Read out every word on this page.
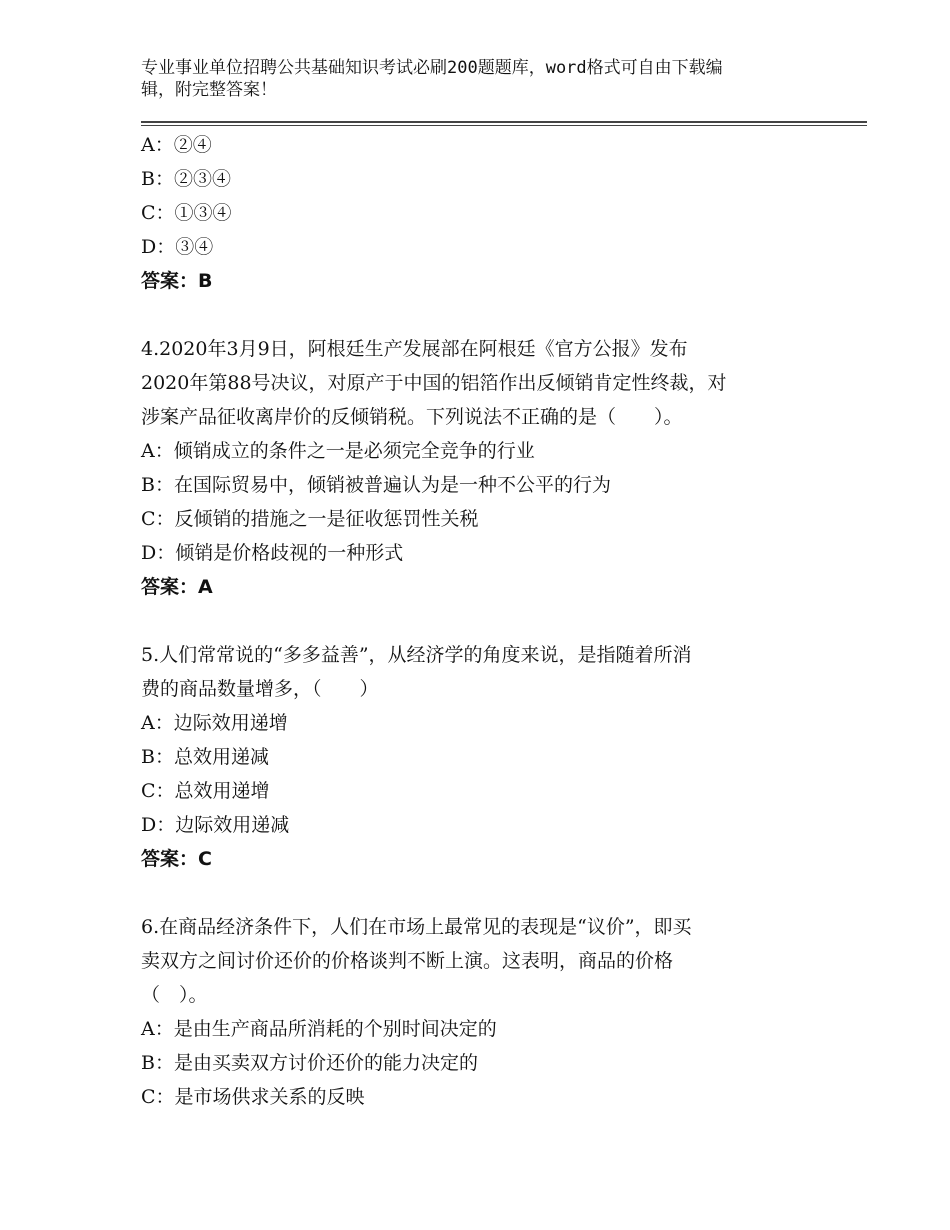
专业事业单位招聘公共基础知识考试必刷200题题库，word格式可自由下载编
辑，附完整答案！
A：②④
B：②③④
C：①③④
D：③④
答案：B
4.2020年3月9日，阿根廷生产发展部在阿根廷《官方公报》发布
2020年第88号决议，对原产于中国的铝箔作出反倾销肯定性终裁，对
涉案产品征收离岸价的反倾销税。下列说法不正确的是（　　）。
A：倾销成立的条件之一是必须完全竞争的行业
B：在国际贸易中，倾销被普遍认为是一种不公平的行为
C：反倾销的措施之一是征收惩罚性关税
D：倾销是价格歧视的一种形式
答案：A
5.人们常常说的“多多益善”，从经济学的角度来说，是指随着所消
费的商品数量增多，（　　）
A：边际效用递增
B：总效用递减
C：总效用递增
D：边际效用递减
答案：C
6.在商品经济条件下，人们在市场上最常见的表现是“议价”，即买
卖双方之间讨价还价的价格谈判不断上演。这表明，商品的价格
（　）。
A：是由生产商品所消耗的个别时间决定的
B：是由买卖双方讨价还价的能力决定的
C：是市场供求关系的反映
